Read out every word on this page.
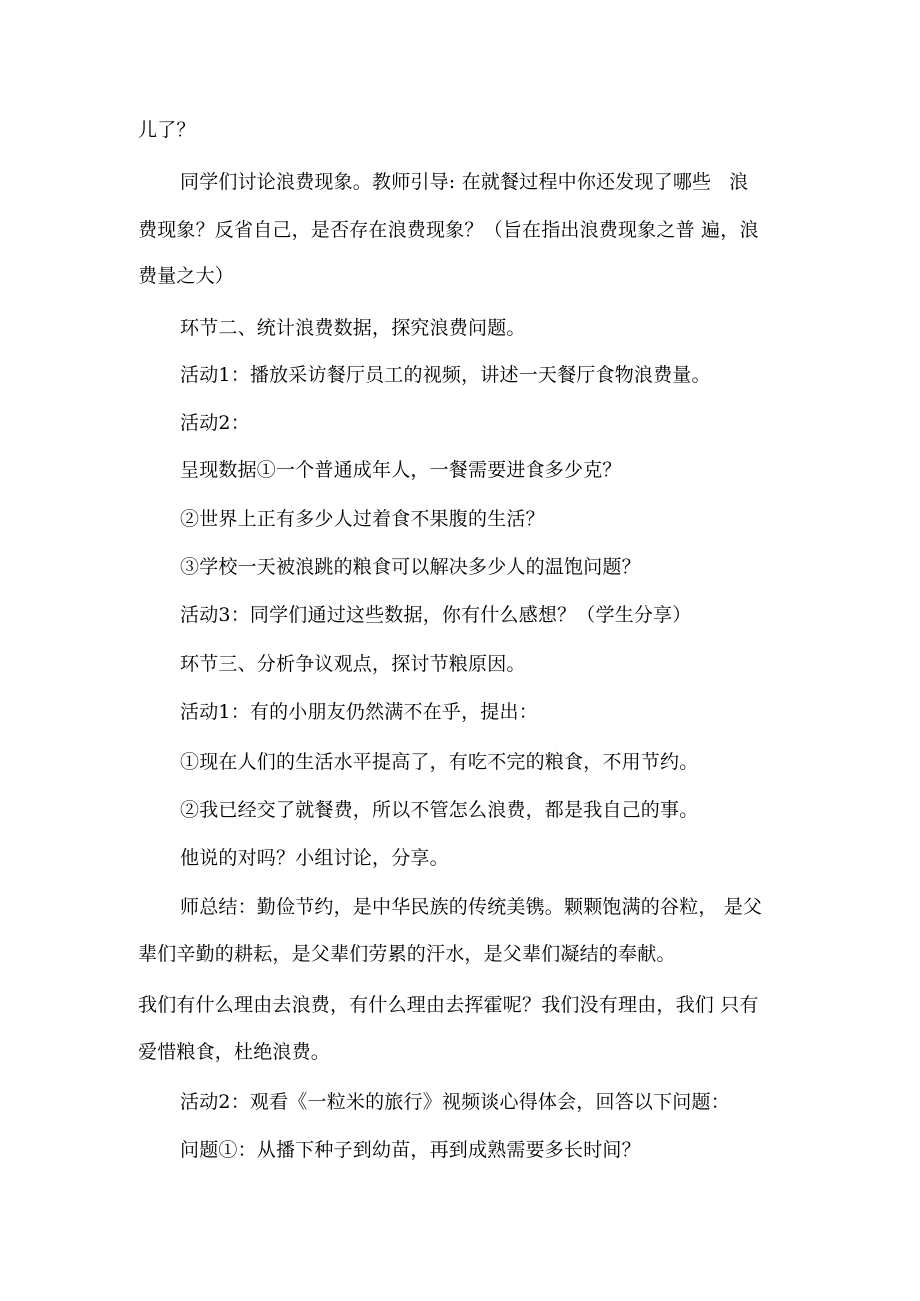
儿了？

同学们讨论浪费现象。教师引导: 在就餐过程中你还发现了哪些	浪

费现象？反省自己，是否存在浪费现象？（旨在指出浪费现象之普 遍，浪

费量之大）

环节二、统计浪费数据，探究浪费问题。

活动1：播放采访餐厅员工的视频，讲述一天餐厅食物浪费量。

活动2：

呈现数据①一个普通成年人，一餐需要进食多少克？

②世界上正有多少人过着食不果腹的生活？

③学校一天被浪跳的粮食可以解决多少人的温饱问题？

活动3：同学们通过这些数据，你有什么感想？（学生分享）

环节三、分析争议观点，探讨节粮原因。

活动1：有的小朋友仍然满不在乎，提出：

①现在人们的生活水平提高了，有吃不完的粮食，不用节约。

②我已经交了就餐费，所以不管怎么浪费，都是我自己的事。

他说的对吗？小组讨论，分享。

师总结：勤俭节约，是中华民族的传统美镌。颗颗饱满的谷粒， 是父

辈们辛勤的耕耘，是父辈们劳累的汗水，是父辈们凝结的奉献。

我们有什么理由去浪费，有什么理由去挥霍呢？我们没有理由，我们 只有

爱惜粮食，杜绝浪费。

活动2：观看《一粒米的旅行》视频谈心得体会，回答以下问题：

问题①：从播下种子到幼苗，再到成熟需要多长时间？
